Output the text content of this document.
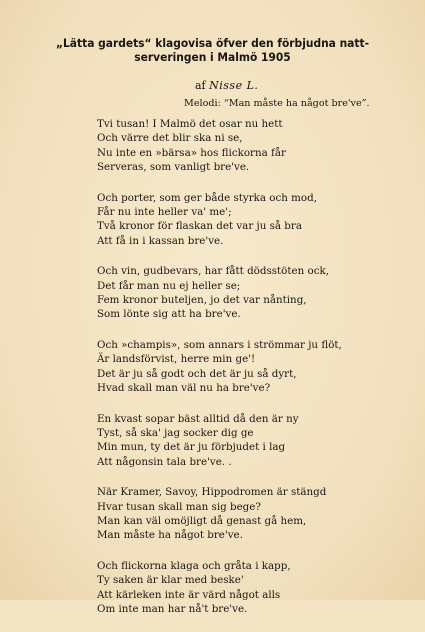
„Lätta gardets“ klagovisa öfver den förbjudna natt-
serveringen i Malmö 1905
af Nisse L.
Melodi: “Man måste ha något bre've”.
Tvi tusan! I Malmö det osar nu hett
Och värre det blir ska ni se,
Nu inte en »bärsa» hos flickorna får
Serveras, som vanligt bre've.
Och porter, som ger både styrka och mod,
Får nu inte heller va' me';
Två kronor för flaskan det var ju så bra
Att få in i kassan bre've.
Och vin, gudbevars, har fått dödsstöten ock,
Det får man nu ej heller se;
Fem kronor buteljen, jo det var nånting,
Som lönte sig att ha bre've.
Och »champis», som annars i strömmar ju flöt,
Är landsförvist, herre min ge'!
Det är ju så godt och det är ju så dyrt,
Hvad skall man väl nu ha bre've?
En kvast sopar bäst alltid då den är ny
Tyst, så ska' jag socker dig ge
Min mun, ty det är ju förbjudet i lag
Att någonsin tala bre've. .
När Kramer, Savoy, Hippodromen är stängd
Hvar tusan skall man sig bege?
Man kan väl omöjligt då genast gå hem,
Man måste ha något bre've.
Och flickorna klaga och gråta i kapp,
Ty saken är klar med beske'
Att kärleken inte är värd något alls
Om inte man har nå't bre've.
